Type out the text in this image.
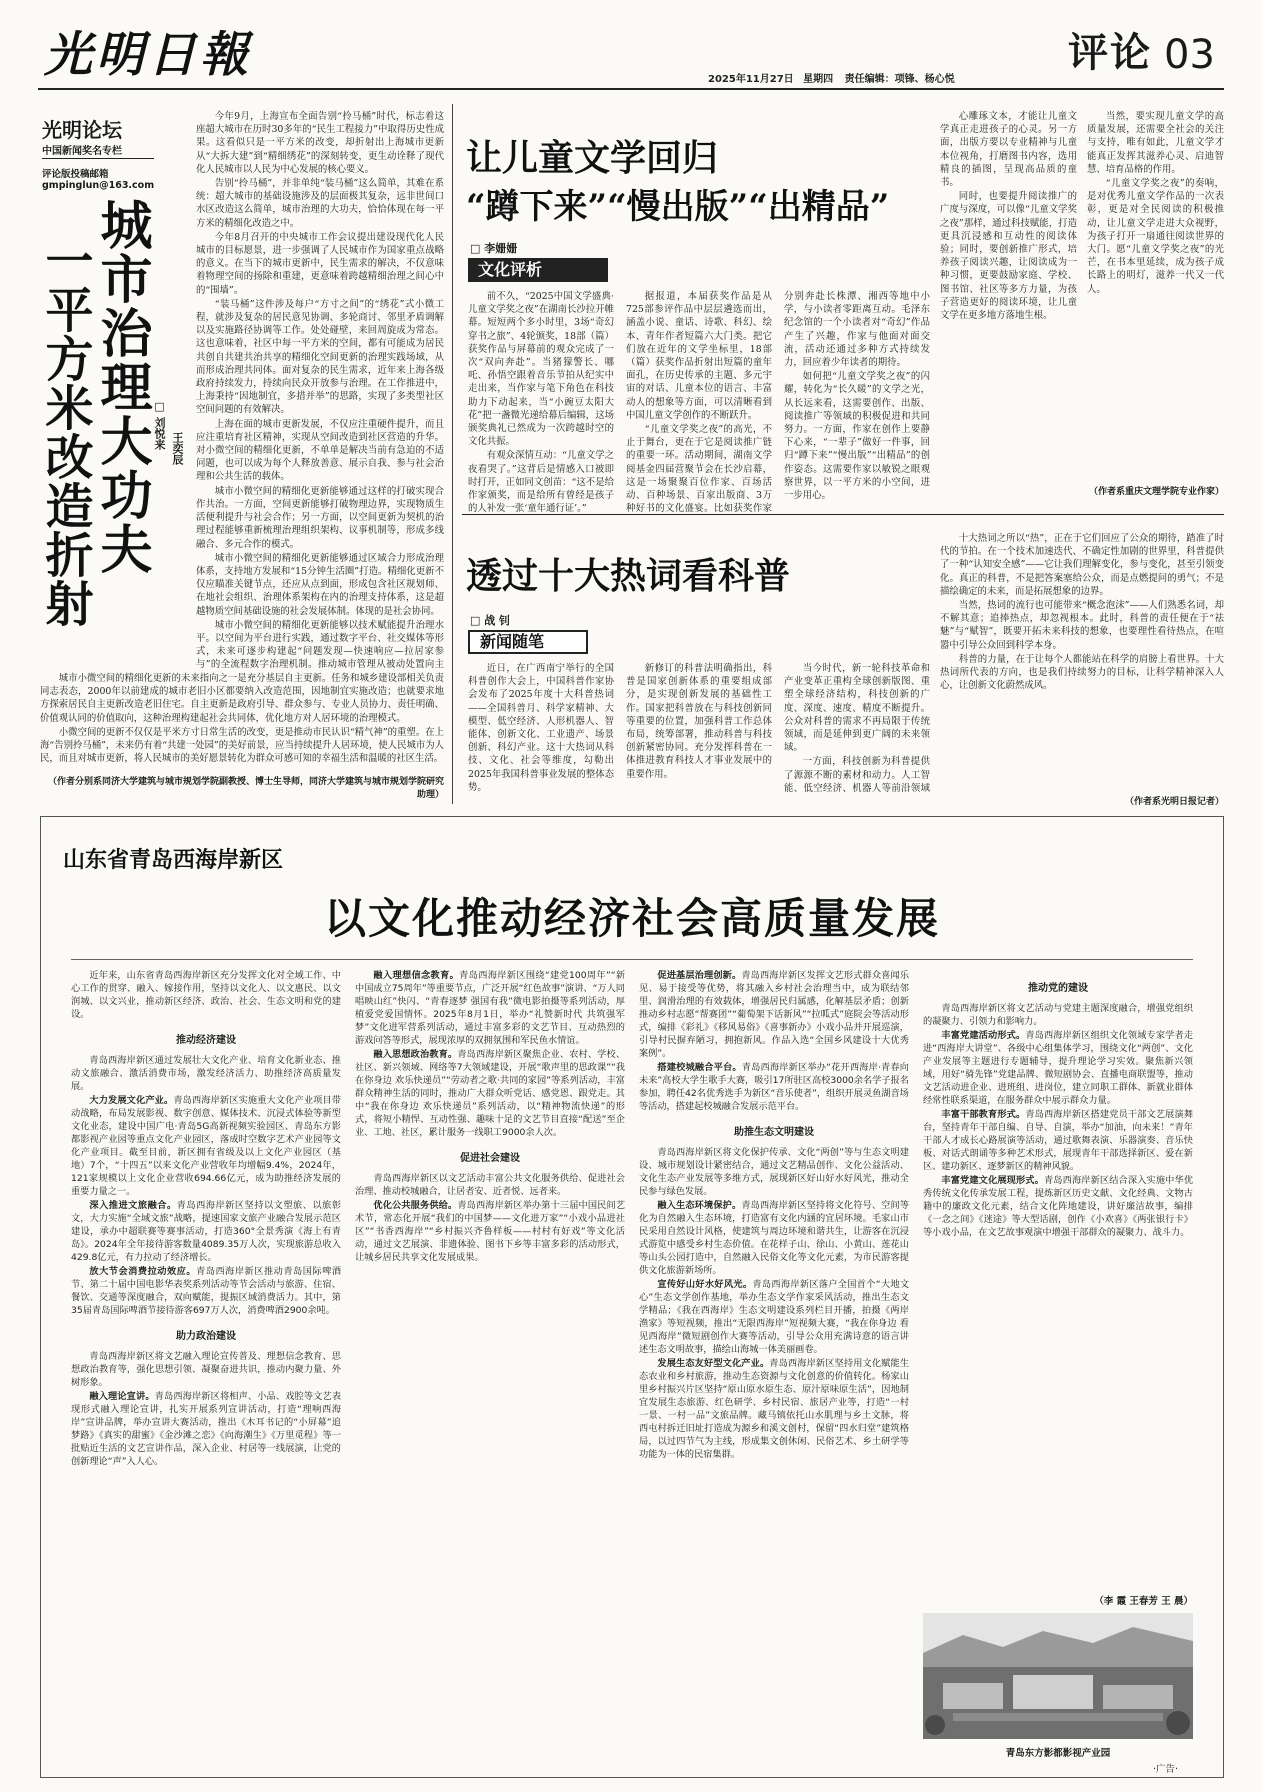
光明日報	2025年11月27日 星期四 责任编辑：项锋、杨心悦
评论 03
光明论坛
中国新闻奖名专栏
评论版投稿邮箱
gmpinglun@163.com
城市治理大功夫
一平方米改造折射	□ 刘悦来 王奕辰

今年9月，上海宣布全面告别“拎马桶”时代，标志着这座超大城市在历时30多年的“民生工程接力”中取得历史性成果。这看似只是一平方米的改变，却折射出上海城市更新从“大拆大建”到“精细绣花”的深刻转变，更生动诠释了现代化人民城市以人民为中心发展的核心要义。

告别“拎马桶”，并非单纯“装马桶”这么简单，其难在系统：超大城市的基础设施涉及的层面极其复杂，远非世间口水区改造这么简单，城市治理的大功夫，恰恰体现在每一平方米的精细化改造之中。

今年8月召开的中央城市工作会议提出建设现代化人民城市的目标愿景，进一步强调了人民城市作为国家重点战略的意义。在当下的城市更新中，民生需求的解决，不仅意味着物理空间的扬除和重建，更意味着跨越精细治理之间心中的“围墙”。

“装马桶”这件涉及每户“方寸之间”的“绣花”式小微工程，就涉及复杂的居民意见协调、多轮商讨、邻里矛盾调解以及实施路径协调等工作。处处碰壁，来回周旋成为常态。这也意味着，社区中每一平方米的空间，都有可能成为居民共创自共建共治共享的精细化空间更新的治理实践场域，从而形成治理共同体。面对复杂的民生需求，近年来上海各级政府持续发力，持续向民众开放参与治理。在工作推进中，上海秉持“因地制宜，多措并举”的思路，实现了多类型社区空间问题的有效解决。

上海在面的城市更新发展，不仅应注重硬件提升，而且应注重培育社区精神，实现从空间改造到社区营造的升华。对小微空间的精细化更新，不单单是解决当前有急迫的不适问题，也可以成为每个人释放善意、展示自我、参与社会治理和公共生活的载体。

城市小微空间的精细化更新能够通过这样的打破实现合作共治。一方面，空间更新能够打破物理边界，实现物质生活便利提升与社会合作；另一方面，以空间更新为契机的治理过程能够重新梳理治理组织架构、议事机制等，形成多线融合、多元合作的模式。

城市小微空间的精细化更新能够通过区域合力形成治理体系，支持地方发展和“15分钟生活圈”打造。精细化更新不仅应瞄准关键节点，还应从点到面，形成包含社区规划师、在地社会组织、治理体系架构在内的治理支持体系，这是超越物质空间基础设施的社会发展体制。体现的是社会协同。

城市小微空间的精细化更新能够以技术赋能提升治理水平。以空间为平台进行实践，通过数字平台、社交媒体等形式，未来可逐步构建起“问题发现—快速响应—拉居家参与”的全流程数字治理机制。推动城市管理从被动处置向主

城市小微空间的精细化更新的未来指向之一是充分基层自主更新。任务和城乡建设部相关负责同志表态，2000年以前建成的城市老旧小区都要纳入改造范围，因地制宜实施改造；也就要求地方探索居民自主更新改造老旧住宅。自主更新是政府引导、群众参与、专业人员协力、责任明确、价值观认同的价值取向，这种治理构建起社会共同体，优化地方对人居环境的治理模式。

小微空间的更新不仅仅是平米方寸日常生活的改变，更是推动市民认识“精气神”的重塑。在上海“告别拎马桶”，未来仍有着“共建一处园”的美好前景，应当持续提升人居环境，使人民城市为人民，而且对城市更新，将人民城市的美好愿景转化为群众可感可知的幸福生活和温暖的社区生活。

（作者分别系同济大学建筑与城市规划学院副教授、博士生导师，同济大学建筑与城市规划学院研究助理）
让儿童文学回归
“蹲下来”“慢出版”“出精品”
□ 李姗姗
文化评析

前不久，“2025中国文学盛典·儿童文学奖之夜”在湖南长沙拉开帷幕。短短两个多小时里，3场“奇幻穿书之旅”、4轮颁奖，18部（篇）获奖作品与屏幕前的观众完成了一次“双向奔赴”。当猪獴警长、哪吒、孙悟空跟着音乐节拍从纪实中走出来，当作家与笔下角色在科技助力下动起来，当“小豌豆太阳大花”把一盏微光递给幕后编辑，这场颁奖典礼已然成为一次跨越时空的文化共振。

有观众深情互动：“儿童文学之夜看哭了。”这背后是情感入口被即时打开，正如同文创苗：“这不是给作家颁奖，而是给所有曾经是孩子的人补发一张‘童年通行证’。”

据报道，本届获奖作品是从725部参评作品中层层遴选而出，涵盖小说、童话、诗歌、科幻、绘本、青年作者短篇六大门类。把它们放在近年的文学坐标里，18部（篇）获奖作品折射出短篇的童年面孔，在历史传承的主题、多元宇宙的对话、儿童本位的语言、丰富动人的想象等方面，可以清晰看到中国儿童文学创作的不断跃升。

“儿童文学奖之夜”的高光，不止于舞台，更在于它是阅读推广链的重要一环。活动期间，湖南文学阅基金四届营聚节会在长沙启幕，这是一场聚聚百位作家、百场活动、百种场景、百家出版商、3万种好书的文化盛宴。比如获奖作家分别奔赴长株潭、湘西等地中小学，与小读者零距离互动。毛泽东纪念馆的一个小读者对“奇幻”作品产生了兴趣，作家与他面对面交流，活动还通过多种方式持续发力，回应着少年读者的期待。

如何把“儿童文学奖之夜”的闪耀，转化为“长久暖”的文学之光，从长远来看，这需要创作、出版、阅读推广等领域的积极促进和共同努力。一方面，作家在创作上要静下心来，“一辈子”做好一件事，回归“蹲下来”“慢出版”“出精品”的创作姿态。这需要作家以敏锐之眼观察世界，以一平方米的小空间，进一步用心。

心雕琢文本，才能让儿童文学真正走进孩子的心灵。另一方面，出版方要以专业精神与儿童本位视角，打磨图书内容，选用精良的插图，呈现高品质的童书。

同时，也要提升阅读推广的广度与深度，可以像“儿童文学奖之夜”那样，通过科技赋能，打造更具沉浸感和互动性的阅读体验；同时，要创新推广形式，培养孩子阅读兴趣，让阅读成为一种习惯，更要鼓励家庭、学校、图书馆、社区等多方力量，为孩子营造更好的阅读环境，让儿童文学在更多地方落地生根。

当然，要实现儿童文学的高质量发展，还需要全社会的关注与支持，唯有如此，儿童文学才能真正发挥其滋养心灵、启迪智慧、培育品格的作用。

“儿童文学奖之夜”的奏响，是对优秀儿童文学作品的一次表彰，更是对全民阅读的积极推动，让儿童文学走进大众视野，为孩子打开一扇通往阅读世界的大门。愿“儿童文学奖之夜”的光芒，在书本里延续，成为孩子成长路上的明灯，滋养一代又一代人。

（作者系重庆文理学院专业作家）
透过十大热词看科普
□ 战 钊
新闻随笔

近日，在广西南宁举行的全国科普创作大会上，中国科普作家协会发布了2025年度十大科普热词——全国科普月、科学家精神、大模型、低空经济、人形机器人、智能体、创新文化、工业遗产、场景创新、科幻产业。这十大热词从科技、文化、社会等维度，勾勒出2025年我国科普事业发展的整体态势。

新修订的科普法明确指出，科普是国家创新体系的重要组成部分，是实现创新发展的基础性工作。国家把科普放在与科技创新同等重要的位置，加强科普工作总体布局，统筹部署，推动科普与科技创新紧密协同。充分发挥科普在一体推进教育科技人才事业发展中的重要作用。

当今时代，新一轮科技革命和产业变革正重构全球创新版图、重塑全球经济结构，科技创新的广度、深度、速度、精度不断提升。公众对科普的需求不再局限于传统领域，而是延伸到更广阔的未来领域。

一方面，科技创新为科普提供了源源不断的素材和动力。人工智能、低空经济、机器人等前沿领域

十大热词之所以“热”，正在于它们回应了公众的期待，踏准了时代的节拍。在一个技术加速迭代、不确定性加剧的世界里，科普提供了一种“认知安全感”——它让我们理解变化，参与变化，甚至引领变化。真正的科普，不是把答案塞给公众，而是点燃提问的勇气；不是描绘确定的未来，而是拓展想象的边界。

当然，热词的流行也可能带来“概念泡沫”——人们熟悉名词，却不解其意；追捧热点，却忽视根本。此时，科普的责任便在于“祛魅”与“赋智”，既要开拓未来科技的想象，也要理性看待热点，在喧嚣中引导公众回到科学本身。

科普的力量，在于让每个人都能站在科学的肩膀上看世界。十大热词所代表的方向，也是我们持续努力的目标，让科学精神深入人心，让创新文化蔚然成风。

（作者系光明日报记者）
山东省青岛西海岸新区
以文化推动经济社会高质量发展

近年来，山东省青岛西海岸新区充分发挥文化对全域工作、中心工作的贯穿、融入、嫁接作用，坚持以文化人、以文惠民、以文润城、以文兴业，推动新区经济、政治、社会、生态文明和党的建设。

推动经济建设

青岛西海岸新区通过发展壮大文化产业、培育文化新业态、推动文旅融合、激活消费市场，激发经济活力、助推经济高质量发展。

大力发展文化产业。青岛西海岸新区实施重大文化产业项目带动战略，布局发展影视、数字创意、媒体技术、沉浸式体验等新型文化业态，建设中国广电·青岛5G高新视频实验园区、青岛东方影都影视产业园等重点文化产业园区，落成时空数字艺术产业园等文化产业项目。截至目前，新区拥有省级及以上文化产业园区（基地）7个，“十四五”以来文化产业营收年均增幅9.4%，2024年，121家规模以上文化企业营收694.66亿元，成为助推经济发展的重要力量之一。

深入推进文旅融合。青岛西海岸新区坚持以文塑旅、以旅彰文，大力实施“全域文旅”战略，提速国家文旅产业融合发展示范区建设，承办中超联赛等赛事活动，打造360°全景秀演《海上有青岛》。2024年全年接待游客数量4089.35万人次，实现旅游总收入429.8亿元，有力拉动了经济增长。

放大节会消费拉动效应。青岛西海岸新区推动青岛国际啤酒节、第二十届中国电影华表奖系列活动等节会活动与旅游、住宿、餐饮、交通等深度融合，双向赋能，提振区域消费活力。其中，第35届青岛国际啤酒节接待游客697万人次，消费啤酒2900余吨。

助力政治建设

青岛西海岸新区将文艺融入理论宣传普及、理想信念教育、思想政治教育等，强化思想引领、凝聚奋进共识，推动内聚力量、外树形象。

融入理论宣讲。青岛西海岸新区将相声、小品、戏腔等文艺表现形式融入理论宣讲，扎实开展系列宣讲活动，打造“理响西海岸”宣讲品牌，举办宣讲大赛活动，推出《木耳书记的“小屏幕”追梦路》《真实的甜蜜》《金沙滩之恋》《向海潮生》《万里觅程》等一批贴近生活的文艺宣讲作品，深入企业、村居等一线展演，让党的创新理论“声”入人心。

融入理想信念教育。青岛西海岸新区围绕“建党100周年”“新中国成立75周年”等重要节点，广泛开展“红色故事”演讲、“万人同唱映山红”快闪、“青春逐梦 强国有我”微电影拍摄等系列活动，厚植爱党爱国情怀。2025年8月1日，举办“礼赞新时代 共筑强军梦”文化进军营系列活动，通过丰富多彩的文艺节目、互动热烈的游戏问答等形式，展现浓厚的双拥氛围和军民鱼水情谊。

融入思想政治教育。青岛西海岸新区聚焦企业、农村、学校、社区、新兴领域、网络等7大领域建设，开展“歌声里的思政课”“我在你身边 欢乐快递员”“劳动者之歌·共同的家园”等系列活动，丰富群众精神生活的同时，推动广大群众听党话、感党恩、跟党走。其中“我在你身边 欢乐快递员”系列活动，以“精神物流快递”的形式，将短小精悍、互动性强、趣味十足的文艺节目直接“配送”至企业、工地、社区，累计服务一线职工9000余人次。

促进社会建设

青岛西海岸新区以文艺活动丰富公共文化服务供给、促进社会治理、推动校城融合，让居者安、近者悦、远者来。

优化公共服务供给。青岛西海岸新区举办第十三届中国民间艺术节，常态化开展“我们的中国梦——文化进万家”“小戏小品进社区”“书香西海岸”“乡村振兴齐鲁样板——村村有好戏”等文化活动，通过文艺展演、非遗体验、图书下乡等丰富多彩的活动形式，让城乡居民共享文化发展成果。

促进基层治理创新。青岛西海岸新区发挥文艺形式群众喜闻乐见、易于接受等优势，将其融入乡村社会治理当中，成为联结邻里、润滑治理的有效载体，增强居民归属感，化解基层矛盾；创新推动乡村志愿“帮赛团”“葡萄架下话新风”“拉呱式”庭院会等活动形式，编排《彩礼》《移风易俗》《喜事新办》小戏小品并开展巡演，引导村民摒弃陋习，拥抱新风。作品入选“全国乡风建设十大优秀案例”。

搭建校城融合平台。青岛西海岸新区举办“花开西海岸·青春向未来”高校大学生歌手大赛，吸引17所驻区高校3000余名学子报名参加，聘任42名优秀选手为新区“音乐使者”，组织开展灵鱼湖音场等活动，搭建起校城融合发展示范平台。

助推生态文明建设

青岛西海岸新区将文化保护传承、文化“两创”等与生态文明建设、城市规划设计紧密结合，通过文艺精品创作、文化公益活动、文化生态产业发展等多维方式，展现新区好山好水好风光，推动全民参与绿色发展。

融入生态环境保护。青岛西海岸新区坚持将文化符号、空间等化为自然融入生态环境，打造富有文化内涵的宜居环境。毛家山市民采用自然设计风格，使建筑与周边环境和谐共生，让游客在沉浸式游览中感受乡村生态价值。在花样子山、徐山、小黄山、莲花山等山头公园打造中，自然融入民俗文化等文化元素，为市民游客提供文化旅游新场所。

宣传好山好水好风光。青岛西海岸新区落户全国首个“大地文心”生态文学创作基地，举办生态文学作家采风活动，推出生态文学精品；《我在西海岸》生态文明建设系列栏目开播，拍摄《两岸渔家》等短视频，推出“无限西海岸”短视频大赛，“我在你身边 看见西海岸”微短剧创作大赛等活动，引导公众用充满诗意的语言讲述生态文明故事，描绘山海城一体美丽画卷。

发展生态友好型文化产业。青岛西海岸新区坚持用文化赋能生态农业和乡村旅游，推动生态资源与文化创意的价值转化。杨家山里乡村振兴片区坚持“原山原水原生态、原汁原味原生活”，因地制宜发展生态旅游、红色研学、乡村民宿、旅居产业等，打造“一村一景、一村一品”文旅品牌。藏马镇依托山水肌理与乡土文脉，将西屯村拆迁旧址打造成为源乡和溪文创村，保留“四水归堂”建筑格局，以过四节气为主线，形成集文创休闲、民俗艺术、乡土研学等功能为一体的民宿集群。

推动党的建设

青岛西海岸新区将文艺活动与党建主题深度融合，增强党组织的凝聚力、引领力和影响力。

丰富党建活动形式。青岛西海岸新区组织文化领域专家学者走进“西海岸大讲堂”、各级中心组集体学习，围绕文化“两创”、文化产业发展等主题进行专题辅导，提升理论学习实效。聚焦新兴领域，用好“骑先锋”党建品牌、微短剧协会、直播电商联盟等，推动文艺活动进企业、进班组、进岗位，建立同职工群体、新就业群体经常性联系渠道，在服务群众中展示群众力量。

丰富干部教育形式。青岛西海岸新区搭建党员干部文艺展演舞台，坚持青年干部自编、自导、自演，举办“加油，向未来！”青年干部人才成长心路展演等活动，通过歌舞表演、乐器演奏、音乐快板、对话式朗诵等多种艺术形式，展现青年干部选择新区、爱在新区、建功新区、逐梦新区的精神风貌。

丰富党建文化展现形式。青岛西海岸新区结合深入实施中华优秀传统文化传承发展工程，提炼新区历史文献、文化经典、文物古籍中的廉政文化元素，结合文化阵地建设，讲好廉洁故事，编排《一念之间》《迷途》等大型话剧，创作《小欢喜》《两张银行卡》等小戏小品，在文艺故事观演中增强干部群众的凝聚力、战斗力。

（李 霞 王春芳 王 晨）
青岛东方影都影视产业园
·广告·
